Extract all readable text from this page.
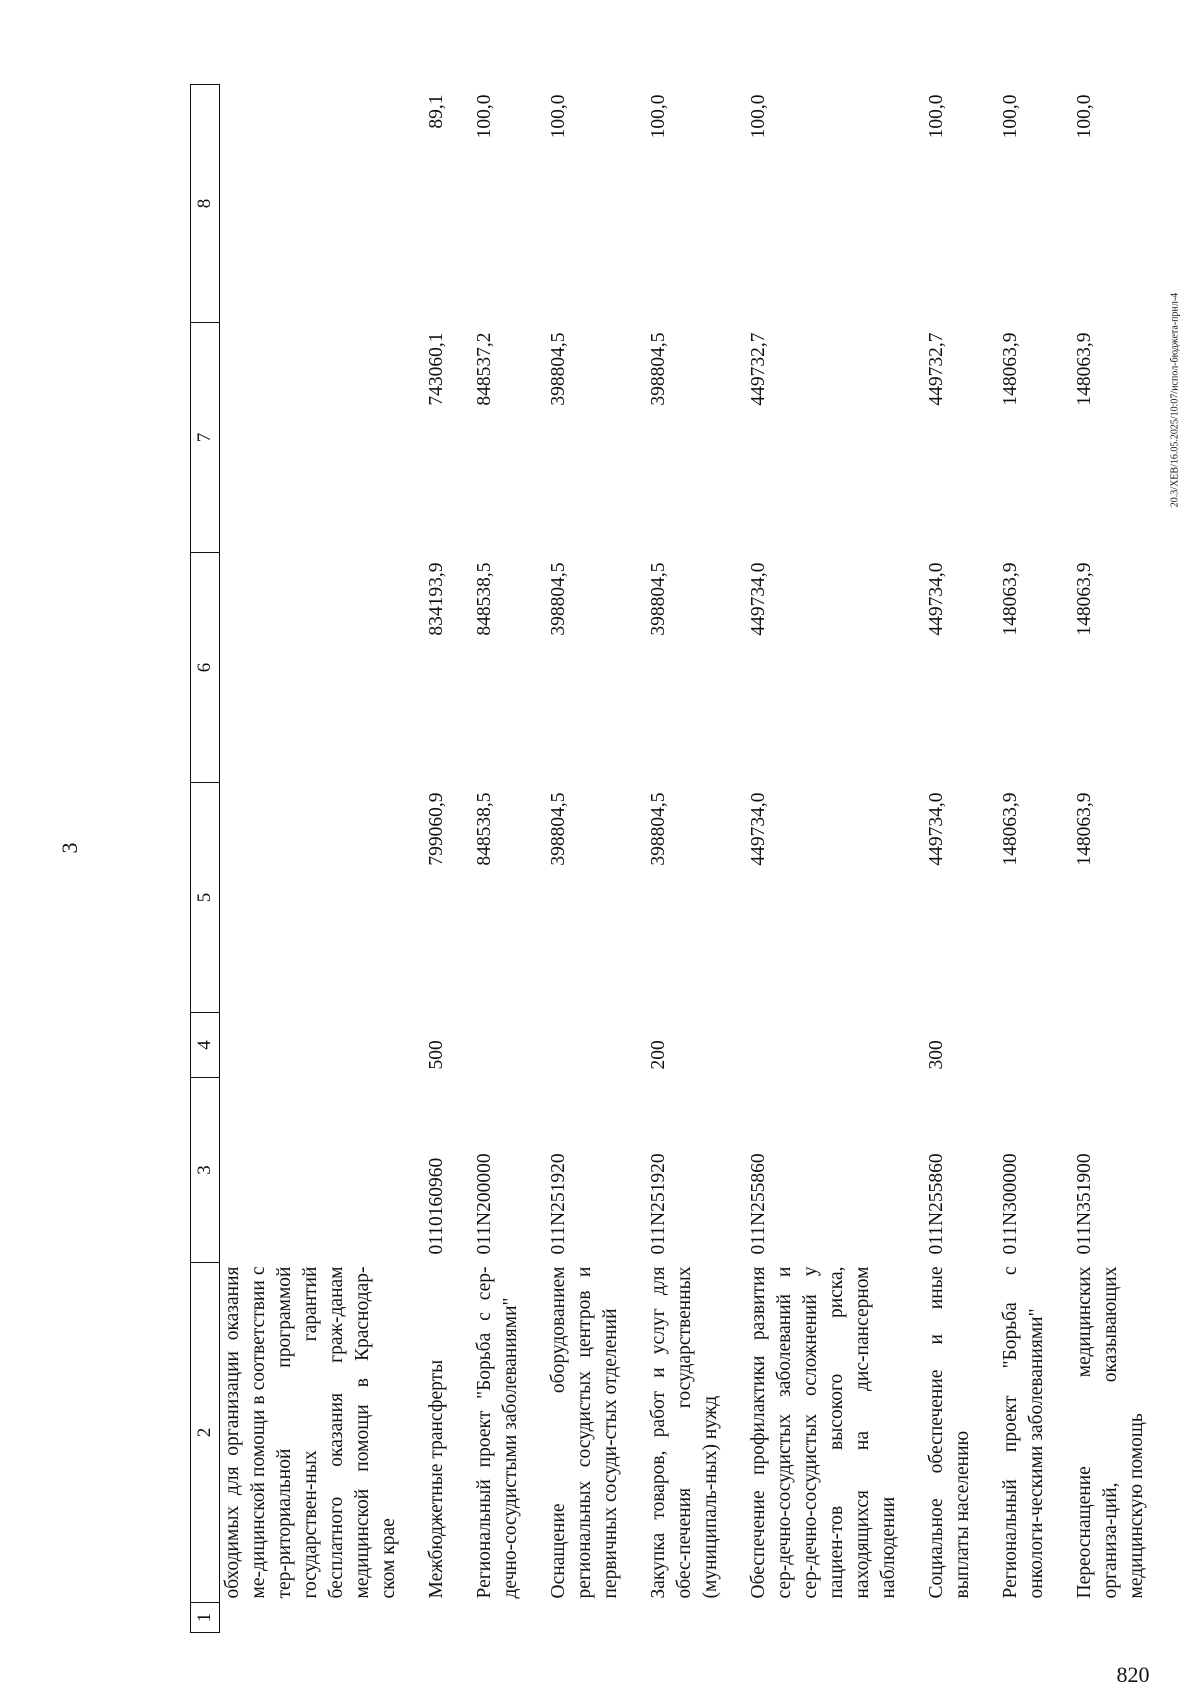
3
820
20.3/XEB/16.05.2025/10:07/испол-бюджета-прил-4
1	2	3	4	5	6	7	8
	обходимых для организации оказания ме-дицинской помощи в соответствии с тер-риториальной программой государствен-ных гарантий бесплатного оказания граж-данам медицинской помощи в Краснодар-ском крае						
	Межбюджетные трансферты	0110160960	500	799060,9	834193,9	743060,1	89,1
	Региональный проект "Борьба с сер-дечно-сосудистыми заболеваниями"	011N200000		848538,5	848538,5	848537,2	100,0
	Оснащение оборудованием региональных сосудистых центров и первичных сосуди-стых отделений	011N251920		398804,5	398804,5	398804,5	100,0
	Закупка товаров, работ и услуг для обес-печения государственных (муниципаль-ных) нужд	011N251920	200	398804,5	398804,5	398804,5	100,0
	Обеспечение профилактики развития сер-дечно-сосудистых заболеваний и сер-дечно-сосудистых осложнений у пациен-тов высокого риска, находящихся на дис-пансерном наблюдении	011N255860		449734,0	449734,0	449732,7	100,0
	Социальное обеспечение и иные выплаты населению	011N255860	300	449734,0	449734,0	449732,7	100,0
	Региональный проект "Борьба с онкологи-ческими заболеваниями"	011N300000		148063,9	148063,9	148063,9	100,0
	Переоснащение медицинских организа-ций, оказывающих медицинскую помощь	011N351900		148063,9	148063,9	148063,9	100,0
